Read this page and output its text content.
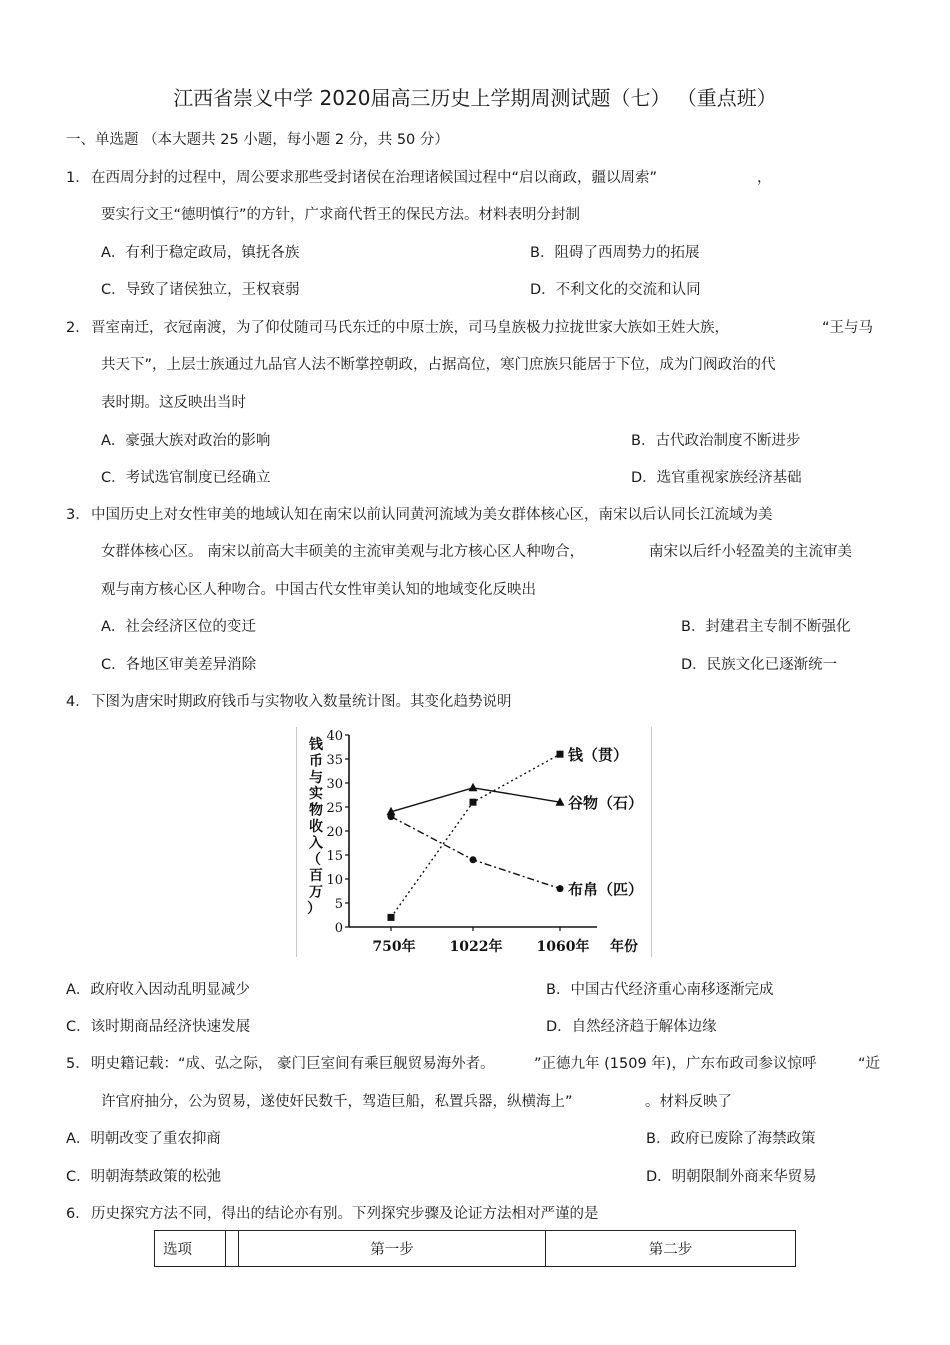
江西省崇义中学 2020届高三历史上学期周测试题（七） （重点班）
一、单选题 （本大题共 25 小题，每小题 2 分，共 50 分）
1． 在西周分封的过程中，周公要求那些受封诸侯在治理诸候国过程中“启以商政，疆以周索”	，
要实行文王“德明慎行”的方针，广求商代哲王的保民方法。材料表明分封制
A．有利于稳定政局，镇抚各族	B．阻碍了西周势力的拓展
C．导致了诸侯独立，王权衰弱	D．不利文化的交流和认同
2． 晋室南迁，衣冠南渡，为了仰仗随司马氏东迁的中原士族，司马皇族极力拉拢世家大族如王姓大族，	“王与马
共天下”，上层士族通过九品官人法不断掌控朝政，占据高位，寒门庶族只能居于下位，成为门阀政治的代
表时期。这反映出当时
A．豪强大族对政治的影响	B．古代政治制度不断进步
C．考试选官制度已经确立	D．选官重视家族经济基础
3． 中国历史上对女性审美的地域认知在南宋以前认同黄河流域为美女群体核心区，南宋以后认同长江流域为美
女群体核心区。 南宋以前高大丰硕美的主流审美观与北方核心区人种吻合，	南宋以后纤小轻盈美的主流审美
观与南方核心区人种吻合。中国古代女性审美认知的地域变化反映出
A．社会经济区位的变迁	B．封建君主专制不断强化
C．各地区审美差异消除	D．民族文化已逐渐统一
4． 下图为唐宋时期政府钱币与实物收入数量统计图。其变化趋势说明
0
5
10
15
20
25
30
35
40
750年 1022年 1060年 年份
钱币与实物收入（百万）
钱（贯）
谷物（石）
布帛（匹）
A．政府收入因动乱明显减少	B．中国古代经济重心南移逐渐完成
C．该时期商品经济快速发展	D．自然经济趋于解体边缘
5． 明史籍记载：“成、弘之际， 豪门巨室间有乘巨舰贸易海外者。	”正德九年 (1509 年)，广东布政司参议惊呼	“近
许官府抽分，公为贸易，遂使奸民数千，驾造巨船，私置兵器，纵横海上”	。材料反映了
A．明朝改变了重农抑商	B．政府已废除了海禁政策
C．明朝海禁政策的松弛	D．明朝限制外商来华贸易
6． 历史探究方法不同，得出的结论亦有别。下列探究步骤及论证方法相对严谨的是
选项		第一步	第二步
